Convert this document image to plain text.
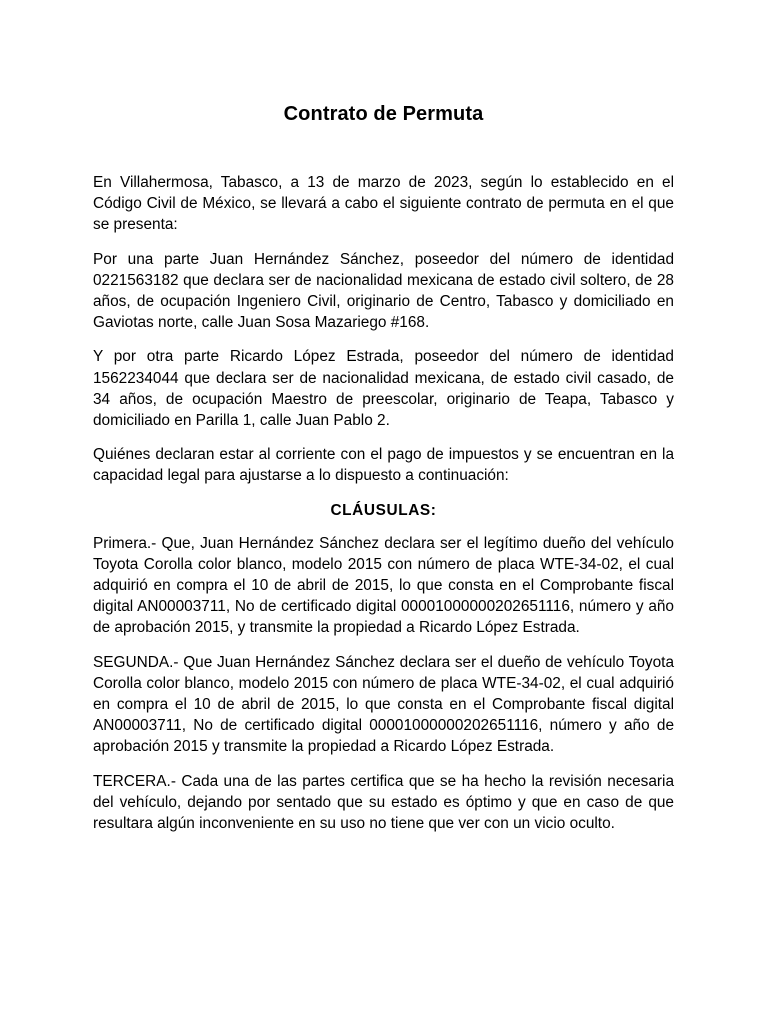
Contrato de Permuta

En Villahermosa, Tabasco, a 13 de marzo de 2023, según lo establecido en el Código Civil de México, se llevará a cabo el siguiente contrato de permuta en el que se presenta:

Por una parte Juan Hernández Sánchez, poseedor del número de identidad 0221563182 que declara ser de nacionalidad mexicana de estado civil soltero, de 28 años, de ocupación Ingeniero Civil, originario de Centro, Tabasco y domiciliado en Gaviotas norte, calle Juan Sosa Mazariego #168.

Y por otra parte Ricardo López Estrada, poseedor del número de identidad 1562234044 que declara ser de nacionalidad mexicana, de estado civil casado, de 34 años, de ocupación Maestro de preescolar, originario de Teapa, Tabasco y domiciliado en Parilla 1, calle Juan Pablo 2.

Quiénes declaran estar al corriente con el pago de impuestos y se encuentran en la capacidad legal para ajustarse a lo dispuesto a continuación:

CLÁUSULAS:

Primera.- Que, Juan Hernández Sánchez declara ser el legítimo dueño del vehículo Toyota Corolla color blanco, modelo 2015 con número de placa WTE-34-02, el cual adquirió en compra el 10 de abril de 2015, lo que consta en el Comprobante fiscal digital AN00003711, No de certificado digital 00001000000202651116, número y año de aprobación 2015, y transmite la propiedad a Ricardo López Estrada.

SEGUNDA.- Que Juan Hernández Sánchez declara ser el dueño de vehículo Toyota Corolla color blanco, modelo 2015 con número de placa WTE-34-02, el cual adquirió en compra el 10 de abril de 2015, lo que consta en el Comprobante fiscal digital AN00003711, No de certificado digital 00001000000202651116, número y año de aprobación 2015 y transmite la propiedad a Ricardo López Estrada.

TERCERA.- Cada una de las partes certifica que se ha hecho la revisión necesaria del vehículo, dejando por sentado que su estado es óptimo y que en caso de que resultara algún inconveniente en su uso no tiene que ver con un vicio oculto.
